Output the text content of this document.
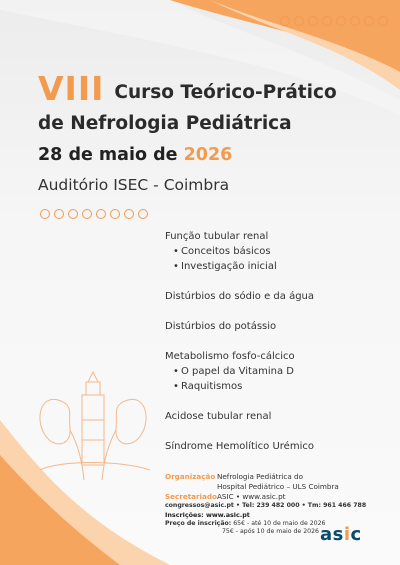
VIII Curso Teórico-Prático
de Nefrologia Pediátrica
28 de maio de 2026
Auditório ISEC - Coimbra
Função tubular renal
• Conceitos básicos
• Investigação inicial
Distúrbios do sódio e da água
Distúrbios do potássio
Metabolismo fosfo-cálcico
• O papel da Vitamina D
• Raquitismos
Acidose tubular renal
Síndrome Hemolítico Urémico
Organização Nefrologia Pediátrica do
Hospital Pediátrico – ULS Coimbra
Secretariado ASIC • www.asic.pt
congressos@asic.pt • Tel: 239 482 000 • Tm: 961 466 788
Inscrições: www.asic.pt
Preço de inscrição: 65€ - até 10 de maio de 2026
75€ - após 10 de maio de 2026 asic
